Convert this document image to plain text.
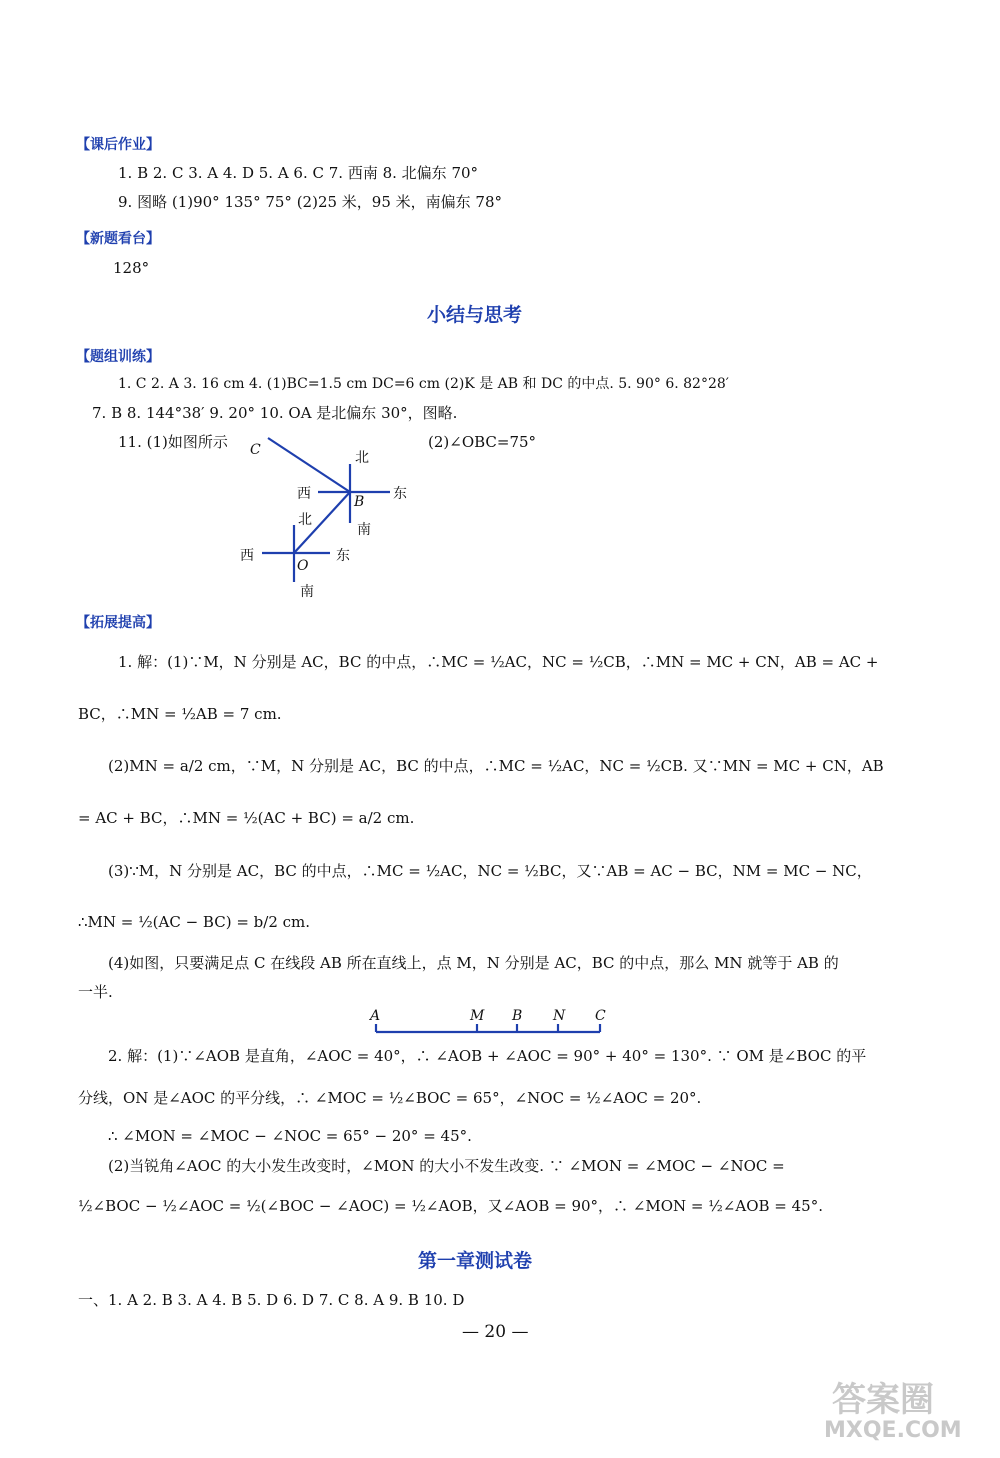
【课后作业】
1. B 2. C 3. A 4. D 5. A 6. C 7. 西南 8. 北偏东 70°
9. 图略 (1)90° 135° 75° (2)25 米，95 米，南偏东 78°
【新题看台】
128°
小结与思考
【题组训练】
1. C 2. A 3. 16 cm 4. (1)BC=1.5 cm DC=6 cm (2)K 是 AB 和 DC 的中点. 5. 90° 6. 82°28′
7. B 8. 144°38′ 9. 20° 10. OA 是北偏东 30°，图略.
11. (1)如图所示	(2)∠OBC=75°
C
B
O
北
西	东
南
北
西	东
南
【拓展提高】
1. 解：(1)∵M，N 分别是 AC，BC 的中点，∴MC = ½AC，NC = ½CB，∴MN = MC + CN，AB = AC +
BC，∴MN = ½AB = 7 cm.
(2)MN = a/2 cm，∵M，N 分别是 AC，BC 的中点，∴MC = ½AC，NC = ½CB. 又∵MN = MC + CN，AB
= AC + BC，∴MN = ½(AC + BC) = a/2 cm.
(3)∵M，N 分别是 AC，BC 的中点，∴MC = ½AC，NC = ½BC，又∵AB = AC − BC，NM = MC − NC，
∴MN = ½(AC − BC) = b/2 cm.
(4)如图，只要满足点 C 在线段 AB 所在直线上，点 M，N 分别是 AC，BC 的中点，那么 MN 就等于 AB 的
一半.
A	M B N C
2. 解：(1)∵∠AOB 是直角，∠AOC = 40°，∴ ∠AOB + ∠AOC = 90° + 40° = 130°. ∵ OM 是∠BOC 的平
分线，ON 是∠AOC 的平分线，∴ ∠MOC = ½∠BOC = 65°，∠NOC = ½∠AOC = 20°.
∴ ∠MON = ∠MOC − ∠NOC = 65° − 20° = 45°.
(2)当锐角∠AOC 的大小发生改变时，∠MON 的大小不发生改变. ∵ ∠MON = ∠MOC − ∠NOC =
½∠BOC − ½∠AOC = ½(∠BOC − ∠AOC) = ½∠AOB，又∠AOB = 90°，∴ ∠MON = ½∠AOB = 45°.
第一章测试卷
一、1. A 2. B 3. A 4. B 5. D 6. D 7. C 8. A 9. B 10. D
— 20 —
答案圈
MXQE.COM
